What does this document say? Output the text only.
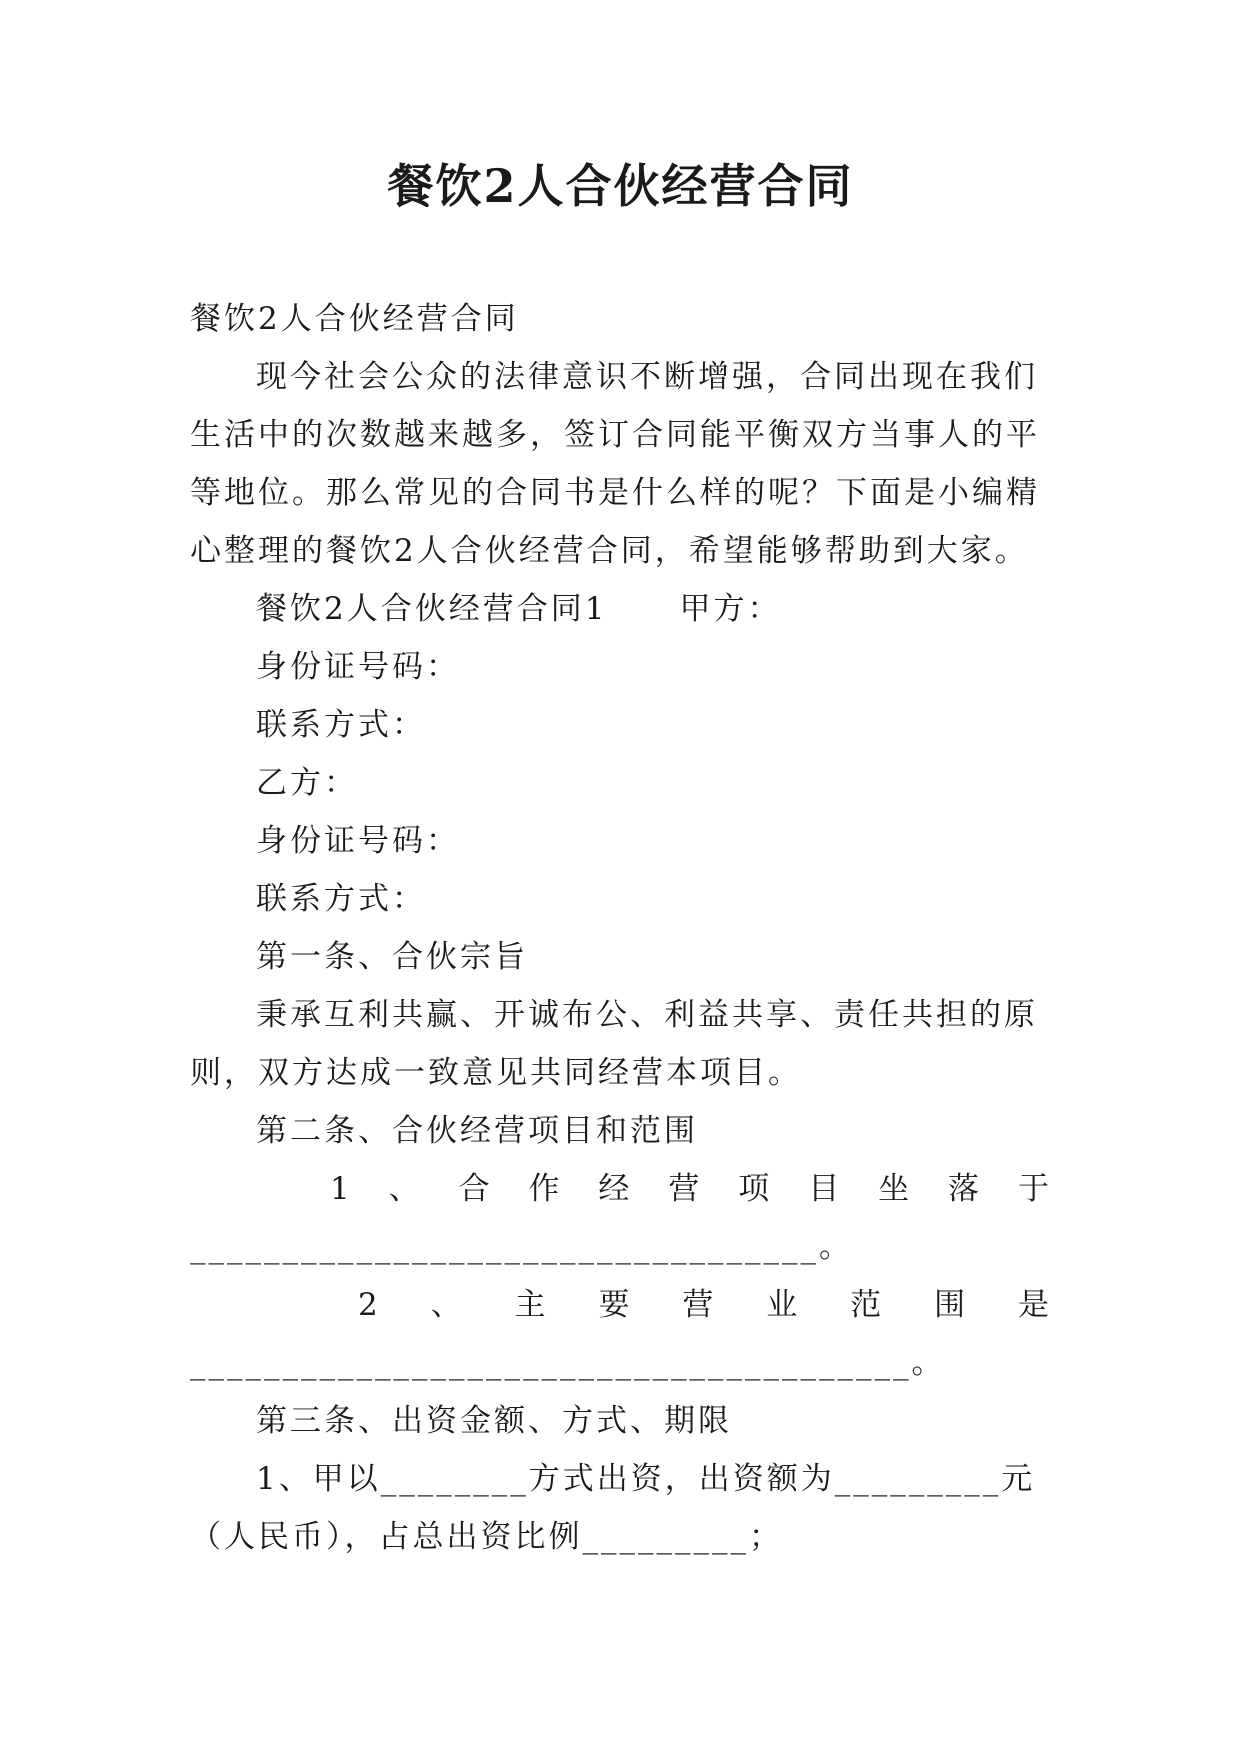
餐饮2人合伙经营合同

餐饮2人合伙经营合同

现今社会公众的法律意识不断增强，合同出现在我们生活中的次数越来越多，签订合同能平衡双方当事人的平等地位。那么常见的合同书是什么样的呢？下面是小编精心整理的餐饮2人合伙经营合同，希望能够帮助到大家。

餐饮2人合伙经营合同1 甲方：

身份证号码：

联系方式：

乙方：

身份证号码：

联系方式：

第一条、合伙宗旨

秉承互利共赢、开诚布公、利益共享、责任共担的原则，双方达成一致意见共同经营本项目。

第二条、合伙经营项目和范围

1 、 合 作 经 营 项 目 坐 落 于

__________________________________。

2 、 主 要 营 业 范 围 是

_______________________________________。

第三条、出资金额、方式、期限

1、甲以________方式出资，出资额为_________元（人民币），占总出资比例_________；
